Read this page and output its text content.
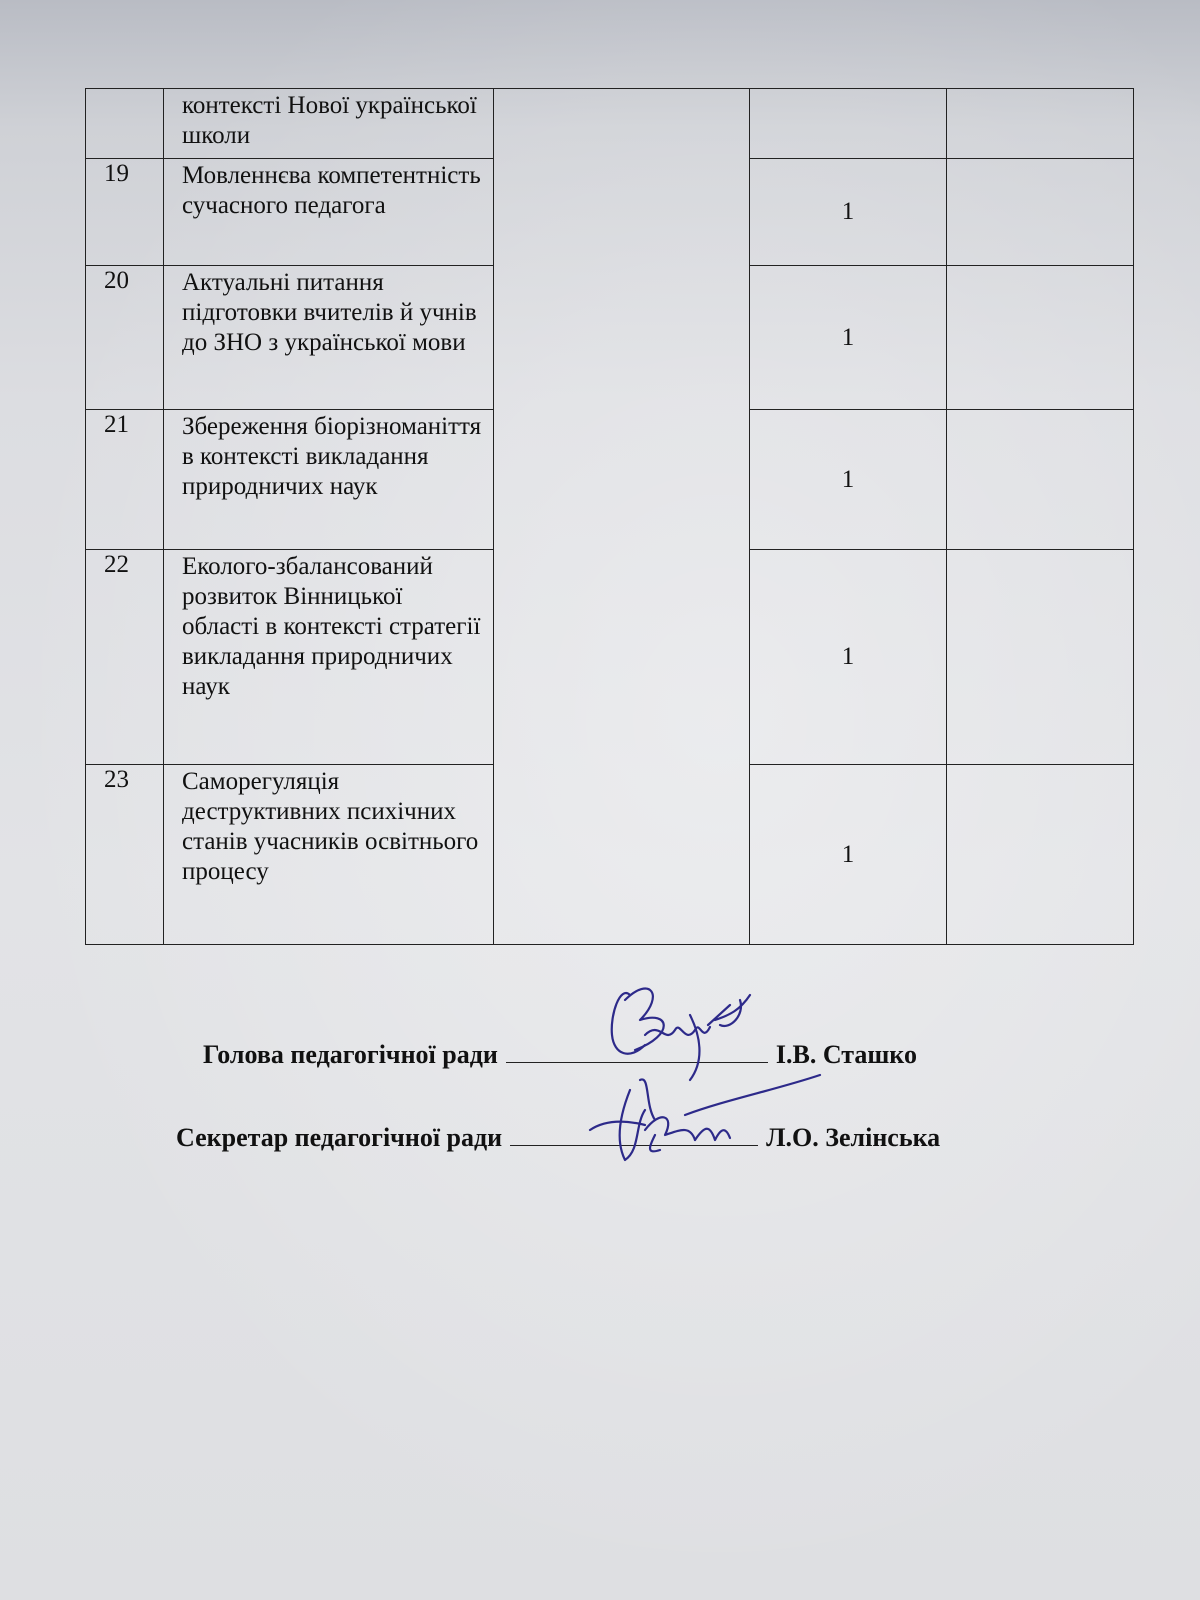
	контексті Нової української школи			
19	Мовленнєва компетентність сучасного педагога		1	
20	Актуальні питання підготовки вчителів й учнів до ЗНО з української мови		1	
21	Збереження біорізноманіття в контексті викладання природничих наук		1	
22	Еколого-збалансований розвиток Вінницької області в контексті стратегії викладання природничих наук		1	
23	Саморегуляція деструктивних психічних станів учасників освітнього процесу		1	
Голова педагогічної ради	І.В. Сташко
Секретар педагогічної ради	Л.О. Зелінська
